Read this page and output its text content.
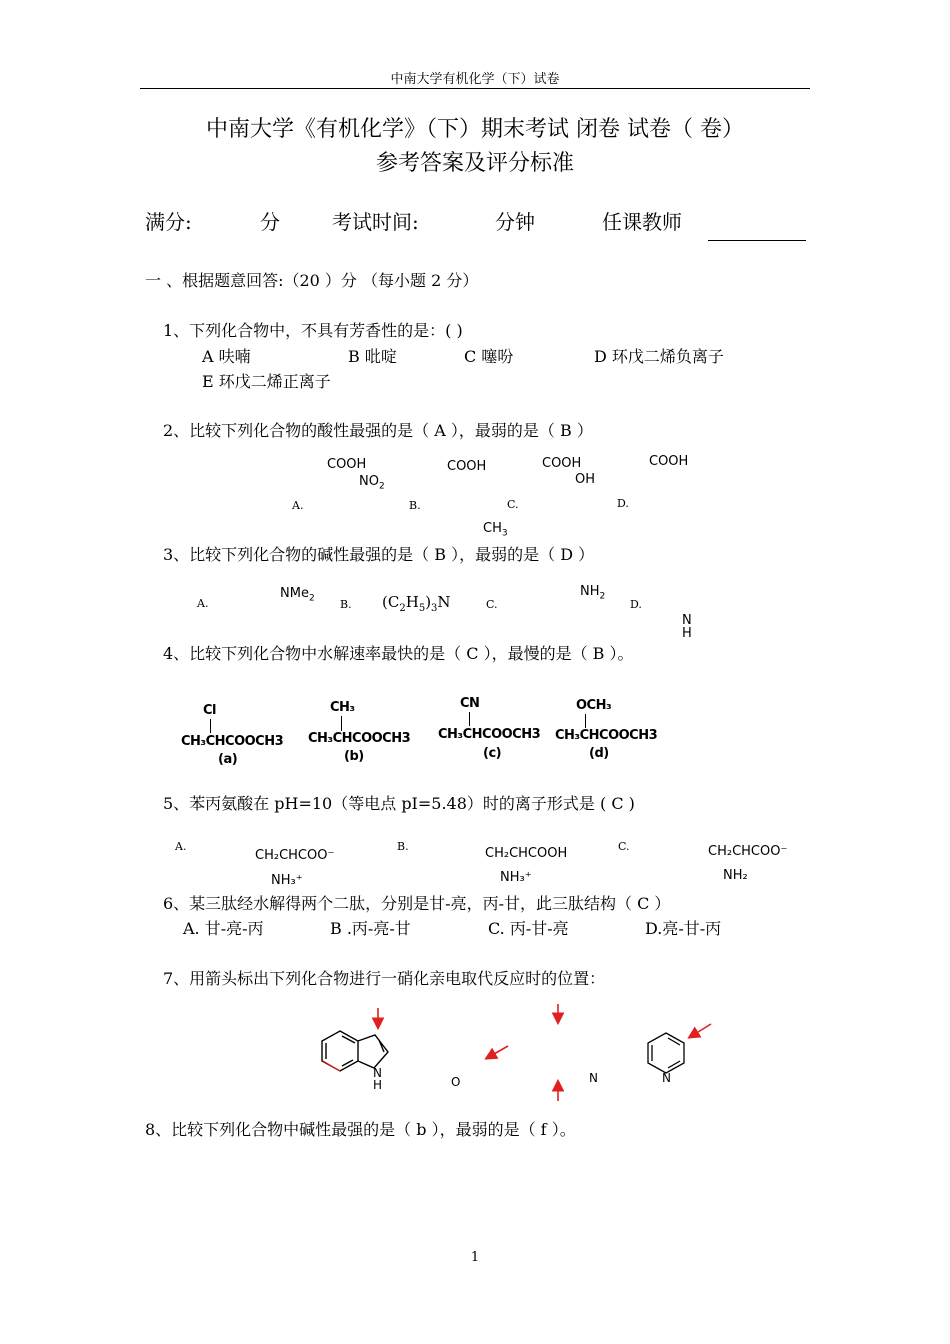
中南大学有机化学（下）试卷
中南大学《有机化学》（下）期末考试 闭卷 试卷（ 卷）
参考答案及评分标准
满分:	分	考试时间:	分钟	任课教师
一 、根据题意回答:（20 ）分 （每小题 2 分）
1、下列化合物中，不具有芳香性的是：( )
A 呋喃	B 吡啶	C 噻吩	D 环戊二烯负离子
E 环戊二烯正离子
2、比较下列化合物的酸性最强的是（ A ），最弱的是（ B ）
COOH
$NO_2$
COOH	COOH
OH
COOH
A.	B.	C.	D.
$CH_3$
3、比较下列化合物的碱性最强的是（ B ），最弱的是（ D ）
A.
NMe$_2$ B. $(C_2H_5)_3N$	C.
$NH_2$
D.
N
H
4、比较下列化合物中水解速率最快的是（ C ），最慢的是（ B ）。
Cl
CH₃CHCOOCH3
(a)
CH₃
CH₃CHCOOCH3
(b)
CN
CH₃CHCOOCH3
(c)
OCH₃
CH₃CHCOOCH3
(d)
5、苯丙氨酸在 pH=10（等电点 pI=5.48）时的离子形式是 ( C )
A.
CH₂CHCOO⁻
NH₃⁺
B.	CH₂CHCOOH
NH₃⁺
C.	CH₂CHCOO⁻
NH₂
6、某三肽经水解得两个二肽，分别是甘-亮，丙-甘，此三肽结构（ C ）
A. 甘-亮-丙	B .丙-亮-甘	C. 丙-甘-亮	D.亮-甘-丙
7、用箭头标出下列化合物进行一硝化亲电取代反应时的位置：
N
H	O	N	N
8、比较下列化合物中碱性最强的是（ b ），最弱的是（ f ）。
1
